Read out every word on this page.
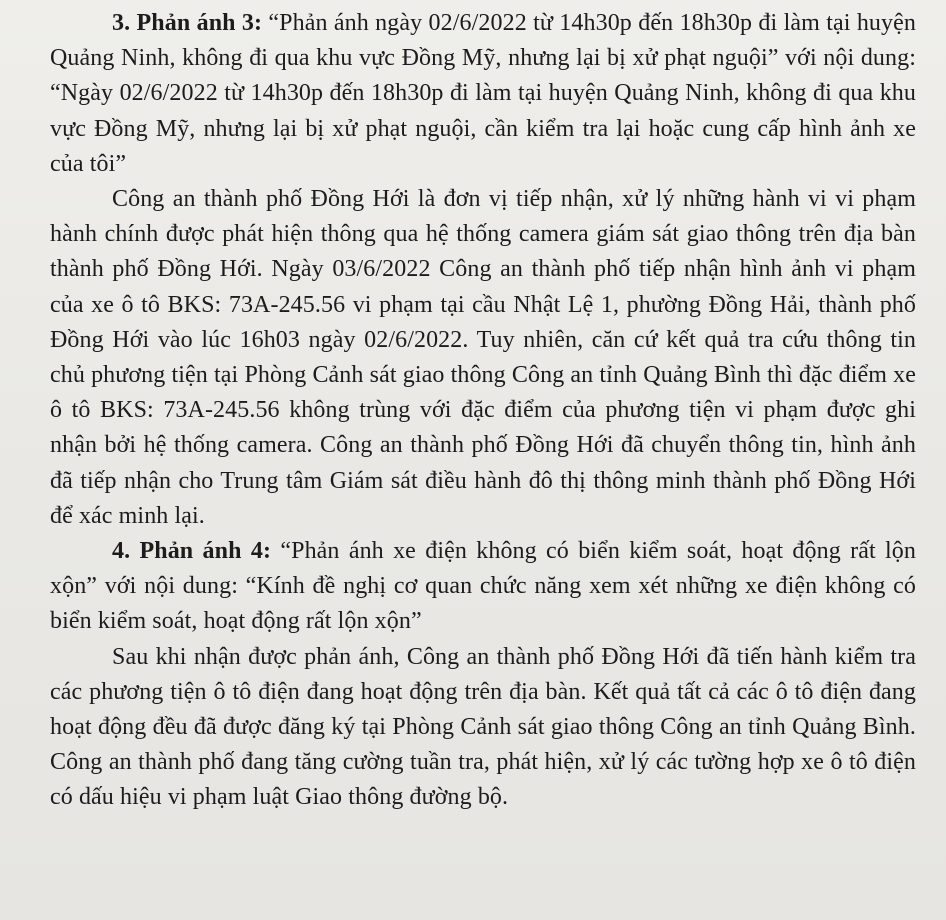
3. Phản ánh 3: “Phản ánh ngày 02/6/2022 từ 14h30p đến 18h30p đi làm tại huyện Quảng Ninh, không đi qua khu vực Đồng Mỹ, nhưng lại bị xử phạt nguội” với nội dung: “Ngày 02/6/2022 từ 14h30p đến 18h30p đi làm tại huyện Quảng Ninh, không đi qua khu vực Đồng Mỹ, nhưng lại bị xử phạt nguội, cần kiểm tra lại hoặc cung cấp hình ảnh xe của tôi”

Công an thành phố Đồng Hới là đơn vị tiếp nhận, xử lý những hành vi vi phạm hành chính được phát hiện thông qua hệ thống camera giám sát giao thông trên địa bàn thành phố Đồng Hới. Ngày 03/6/2022 Công an thành phố tiếp nhận hình ảnh vi phạm của xe ô tô BKS: 73A-245.56 vi phạm tại cầu Nhật Lệ 1, phường Đồng Hải, thành phố Đồng Hới vào lúc 16h03 ngày 02/6/2022. Tuy nhiên, căn cứ kết quả tra cứu thông tin chủ phương tiện tại Phòng Cảnh sát giao thông Công an tỉnh Quảng Bình thì đặc điểm xe ô tô BKS: 73A-245.56 không trùng với đặc điểm của phương tiện vi phạm được ghi nhận bởi hệ thống camera. Công an thành phố Đồng Hới đã chuyển thông tin, hình ảnh đã tiếp nhận cho Trung tâm Giám sát điều hành đô thị thông minh thành phố Đồng Hới để xác minh lại.

4. Phản ánh 4: “Phản ánh xe điện không có biển kiểm soát, hoạt động rất lộn xộn” với nội dung: “Kính đề nghị cơ quan chức năng xem xét những xe điện không có biển kiểm soát, hoạt động rất lộn xộn”

Sau khi nhận được phản ánh, Công an thành phố Đồng Hới đã tiến hành kiểm tra các phương tiện ô tô điện đang hoạt động trên địa bàn. Kết quả tất cả các ô tô điện đang hoạt động đều đã được đăng ký tại Phòng Cảnh sát giao thông Công an tỉnh Quảng Bình. Công an thành phố đang tăng cường tuần tra, phát hiện, xử lý các tường hợp xe ô tô điện có dấu hiệu vi phạm luật Giao thông đường bộ.
